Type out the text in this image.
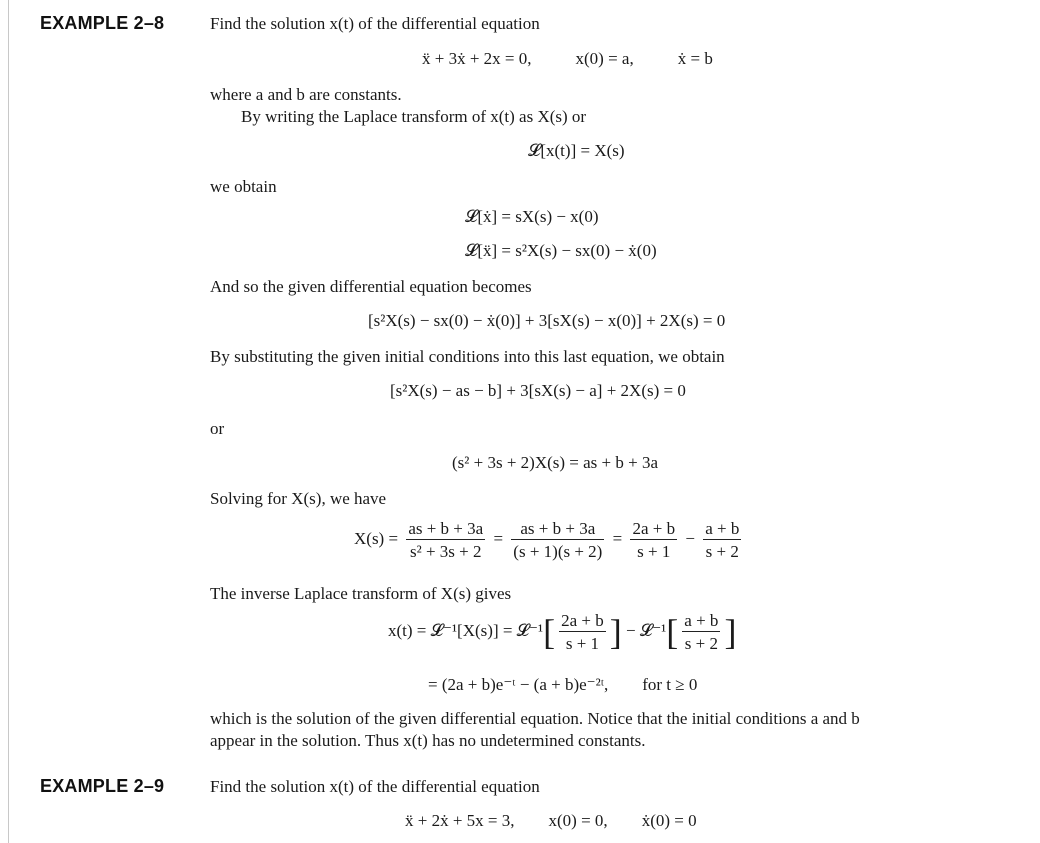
EXAMPLE 2–8	Find the solution x(t) of the differential equation
ẍ + 3ẋ + 2x = 0,	x(0) = a,	ẋ = b
where a and b are constants.
By writing the Laplace transform of x(t) as X(s) or
𝓛[x(t)] = X(s)
we obtain
𝓛[ẋ] = sX(s) − x(0)
𝓛[ẍ] = s²X(s) − sx(0) − ẋ(0)
And so the given differential equation becomes
[s²X(s) − sx(0) − ẋ(0)] + 3[sX(s) − x(0)] + 2X(s) = 0
By substituting the given initial conditions into this last equation, we obtain
[s²X(s) − as − b] + 3[sX(s) − a] + 2X(s) = 0
or
(s² + 3s + 2)X(s) = as + b + 3a
Solving for X(s), we have
$X(s) = \frac{as + b + 3a}{\text{s² + 3s + 2}} = \frac{as + b + 3a}{(s + 1)(s + 2)} = \frac{2a + b}{s + 1} - \frac{a + b}{s + 2}$
The inverse Laplace transform of X(s) gives
x(t) = 𝓛⁻¹[X(s)] = 𝓛⁻¹[ $\frac{2a + b}{s + 1}$ ] − 𝓛⁻¹[ $\frac{a + b}{s + 2}$ ]
= (2a + b)e⁻ᵗ − (a + b)e⁻²ᵗ, for t ≥ 0
which is the solution of the given differential equation. Notice that the initial conditions a and b
appear in the solution. Thus x(t) has no undetermined constants.
EXAMPLE 2–9	Find the solution x(t) of the differential equation
ẍ + 2ẋ + 5x = 3, x(0) = 0, ẋ(0) = 0
